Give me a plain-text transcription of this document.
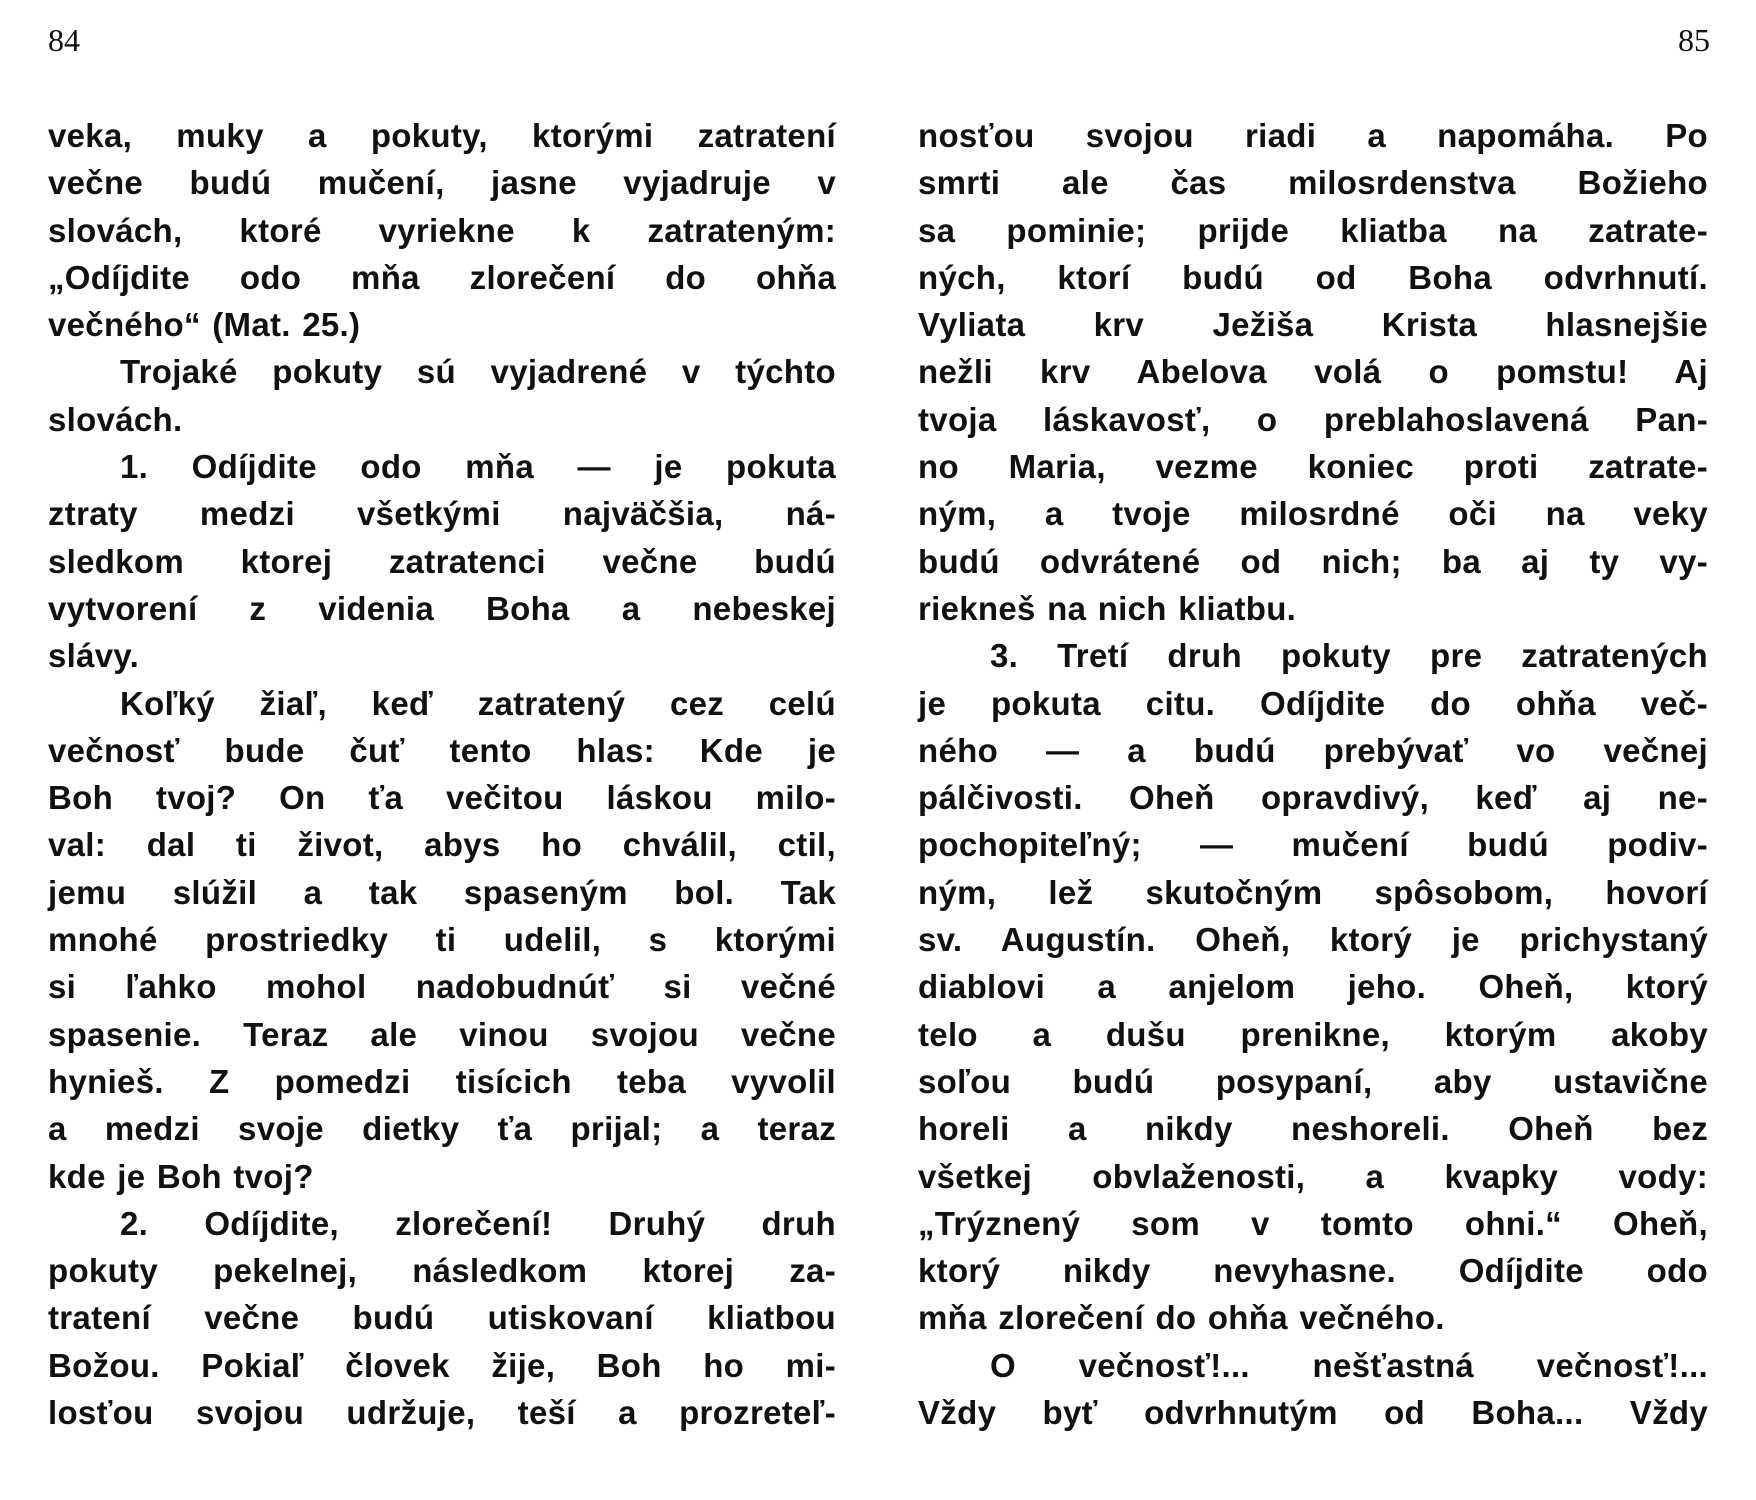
84	85
veka, muky a pokuty, ktorými zatratení
večne budú mučení, jasne vyjadruje v
slovách, ktoré vyriekne k zatrateným:
„Odíjdite odo mňa zlorečení do ohňa
večného“ (Mat. 25.)
Trojaké pokuty sú vyjadrené v týchto
slovách.
1. Odíjdite odo mňa — je pokuta
ztraty medzi všetkými najväčšia, ná-
sledkom ktorej zatratenci večne budú
vytvorení z videnia Boha a nebeskej
slávy.
Koľký žiaľ, keď zatratený cez celú
večnosť bude čuť tento hlas: Kde je
Boh tvoj? On ťa večitou láskou milo-
val: dal ti život, abys ho chválil, ctil,
jemu slúžil a tak spaseným bol. Tak
mnohé prostriedky ti udelil, s ktorými
si ľahko mohol nadobudnúť si večné
spasenie. Teraz ale vinou svojou večne
hynieš. Z pomedzi tisícich teba vyvolil
a medzi svoje dietky ťa prijal; a teraz
kde je Boh tvoj?
2. Odíjdite, zlorečení! Druhý druh
pokuty pekelnej, následkom ktorej za-
tratení večne budú utiskovaní kliatbou
Božou. Pokiaľ človek žije, Boh ho mi-
losťou svojou udržuje, teší a prozreteľ-
nosťou svojou riadi a napomáha. Po
smrti ale čas milosrdenstva Božieho
sa pominie; prijde kliatba na zatrate-
ných, ktorí budú od Boha odvrhnutí.
Vyliata krv Ježiša Krista hlasnejšie
nežli krv Abelova volá o pomstu! Aj
tvoja láskavosť, o preblahoslavená Pan-
no Maria, vezme koniec proti zatrate-
ným, a tvoje milosrdné oči na veky
budú odvrátené od nich; ba aj ty vy-
riekneš na nich kliatbu.
3. Tretí druh pokuty pre zatratených
je pokuta citu. Odíjdite do ohňa več-
ného — a budú prebývať vo večnej
pálčivosti. Oheň opravdivý, keď aj ne-
pochopiteľný; — mučení budú podiv-
ným, lež skutočným spôsobom, hovorí
sv. Augustín. Oheň, ktorý je prichystaný
diablovi a anjelom jeho. Oheň, ktorý
telo a dušu prenikne, ktorým akoby
soľou budú posypaní, aby ustavične
horeli a nikdy neshoreli. Oheň bez
všetkej obvlaženosti, a kvapky vody:
„Trýznený som v tomto ohni.“ Oheň,
ktorý nikdy nevyhasne. Odíjdite odo
mňa zlorečení do ohňa večného.
O večnosť!... nešťastná večnosť!...
Vždy byť odvrhnutým od Boha... Vždy
